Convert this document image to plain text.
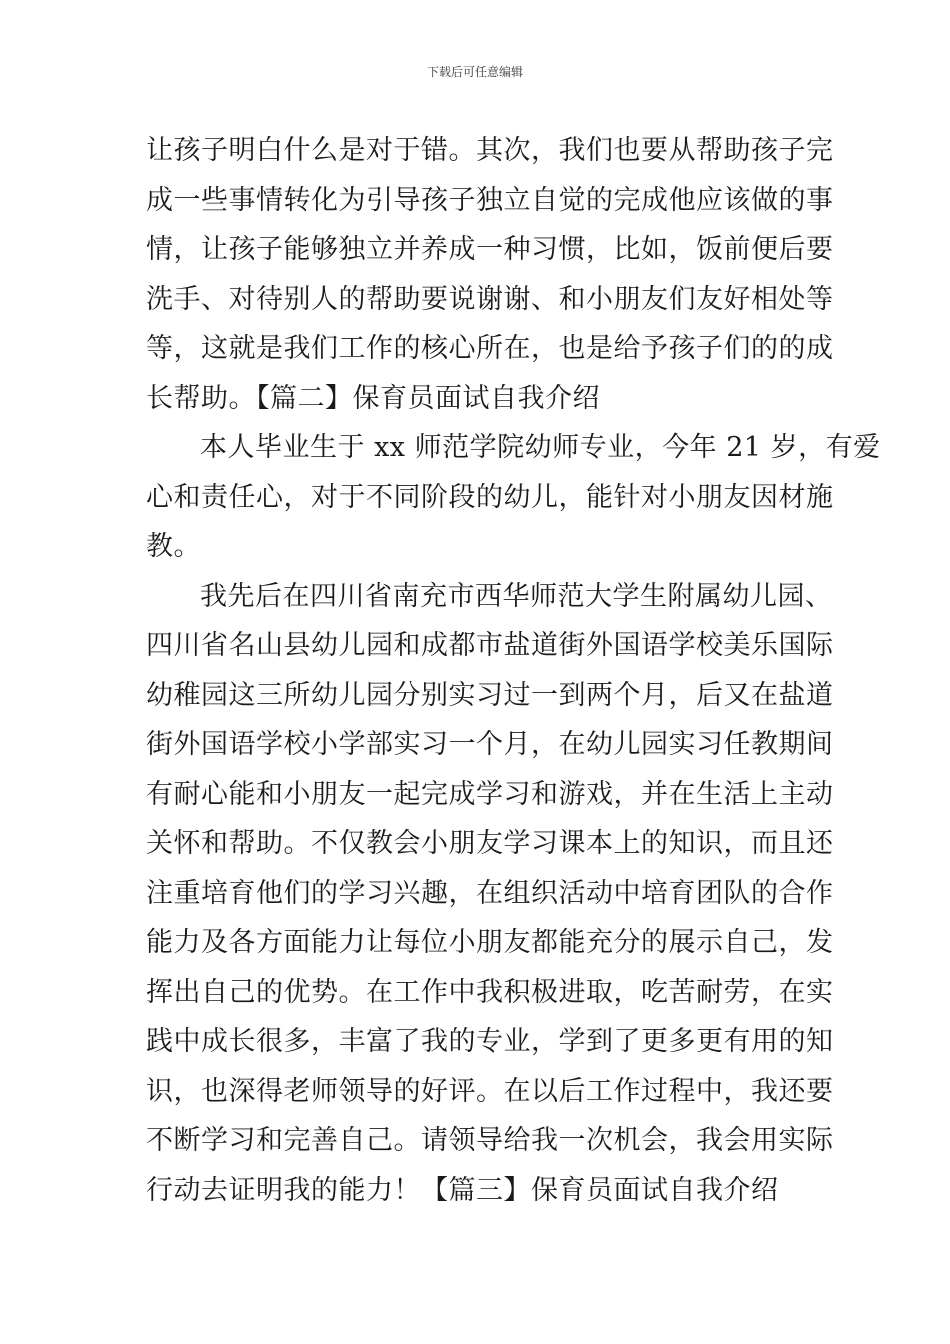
下载后可任意编辑
让孩子明白什么是对于错。其次，我们也要从帮助孩子完
成一些事情转化为引导孩子独立自觉的完成他应该做的事
情，让孩子能够独立并养成一种习惯，比如，饭前便后要
洗手、对待别人的帮助要说谢谢、和小朋友们友好相处等
等，这就是我们工作的核心所在，也是给予孩子们的的成
长帮助。【篇二】保育员面试自我介绍
本人毕业生于 xx 师范学院幼师专业，今年 21 岁，有爱
心和责任心，对于不同阶段的幼儿，能针对小朋友因材施
教。
我先后在四川省南充市西华师范大学生附属幼儿园、
四川省名山县幼儿园和成都市盐道街外国语学校美乐国际
幼稚园这三所幼儿园分别实习过一到两个月，后又在盐道
街外国语学校小学部实习一个月，在幼儿园实习任教期间
有耐心能和小朋友一起完成学习和游戏，并在生活上主动
关怀和帮助。不仅教会小朋友学习课本上的知识，而且还
注重培育他们的学习兴趣，在组织活动中培育团队的合作
能力及各方面能力让每位小朋友都能充分的展示自己，发
挥出自己的优势。在工作中我积极进取，吃苦耐劳，在实
践中成长很多，丰富了我的专业，学到了更多更有用的知
识，也深得老师领导的好评。在以后工作过程中，我还要
不断学习和完善自己。请领导给我一次机会，我会用实际
行动去证明我的能力！【篇三】保育员面试自我介绍
